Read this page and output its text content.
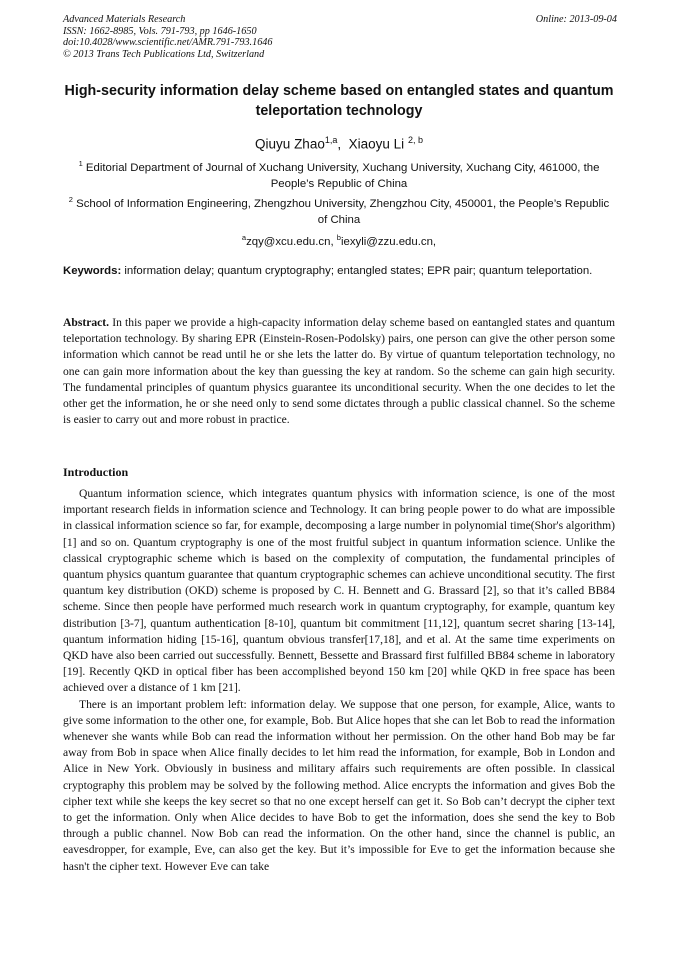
Advanced Materials Research
ISSN: 1662-8985, Vols. 791-793, pp 1646-1650
doi:10.4028/www.scientific.net/AMR.791-793.1646
© 2013 Trans Tech Publications Ltd, Switzerland
Online: 2013-09-04
High-security information delay scheme based on entangled states and quantum teleportation technology
Qiuyu Zhao$^{1,a}$,  Xiaoyu Li $^{2, b}$
$^1$ Editorial Department of Journal of Xuchang University, Xuchang University, Xuchang City, 461000, the People’s Republic of China
$^2$ School of Information Engineering, Zhengzhou University, Zhengzhou City, 450001, the People’s Republic of China
$^a$zqy@xcu.edu.cn, $^b$iexyli@zzu.edu.cn,
Keywords: information delay; quantum cryptography; entangled states; EPR pair; quantum teleportation.
Abstract. In this paper we provide a high-capacity information delay scheme based on eantangled states and quantum teleportation technology. By sharing EPR (Einstein-Rosen-Podolsky) pairs, one person can give the other person some information which cannot be read until he or she lets the latter do. By virtue of quantum teleportation technology, no one can gain more information about the key than guessing the key at random. So the scheme can gain high security. The fundamental principles of quantum physics guarantee its unconditional security. When the one decides to let the other get the information, he or she need only to send some dictates through a public classical channel. So the scheme is easier to carry out and more robust in practice.
Introduction

Quantum information science, which integrates quantum physics with information science, is one of the most important research fields in information science and Technology. It can bring people power to do what are impossible in classical information science so far, for example, decomposing a large number in polynomial time(Shor's algorithm)[1] and so on. Quantum cryptography is one of the most fruitful subject in quantum information science. Unlike the classical cryptographic scheme which is based on the complexity of computation, the fundamental principles of quantum physics quantum guarantee that quantum cryptographic schemes can achieve unconditional secutity. The first quantum key distribution (OKD) scheme is proposed by C. H. Bennett and G. Brassard [2], so that it’s called BB84 scheme. Since then people have performed much research work in quantum cryptography, for example, quantum key distribution [3-7], quantum authentication [8-10], quantum bit commitment [11,12], quantum secret sharing [13-14], quantum information hiding [15-16], quantum obvious transfer[17,18], and et al. At the same time experiments on QKD have also been carried out successfully. Bennett, Bessette and Brassard first fulfilled BB84 scheme in laboratory [19]. Recently QKD in optical fiber has been accomplished beyond 150 km [20] while QKD in free space has been achieved over a distance of 1 km [21].

There is an important problem left: information delay. We suppose that one person, for example, Alice, wants to give some information to the other one, for example, Bob. But Alice hopes that she can let Bob to read the information whenever she wants while Bob can read the information without her permission. On the other hand Bob may be far away from Bob in space when Alice finally decides to let him read the information, for example, Bob in London and Alice in New York. Obviously in business and military affairs such requirements are often possible. In classical cryptography this problem may be solved by the following method. Alice encrypts the information and gives Bob the cipher text while she keeps the key secret so that no one except herself can get it. So Bob can’t decrypt the cipher text to get the information. Only when Alice decides to have Bob to get the information, does she send the key to Bob through a public channel. Now Bob can read the information. On the other hand, since the channel is public, an eavesdropper, for example, Eve, can also get the key. But it’s impossible for Eve to get the information because she hasn't the cipher text. However Eve can take
